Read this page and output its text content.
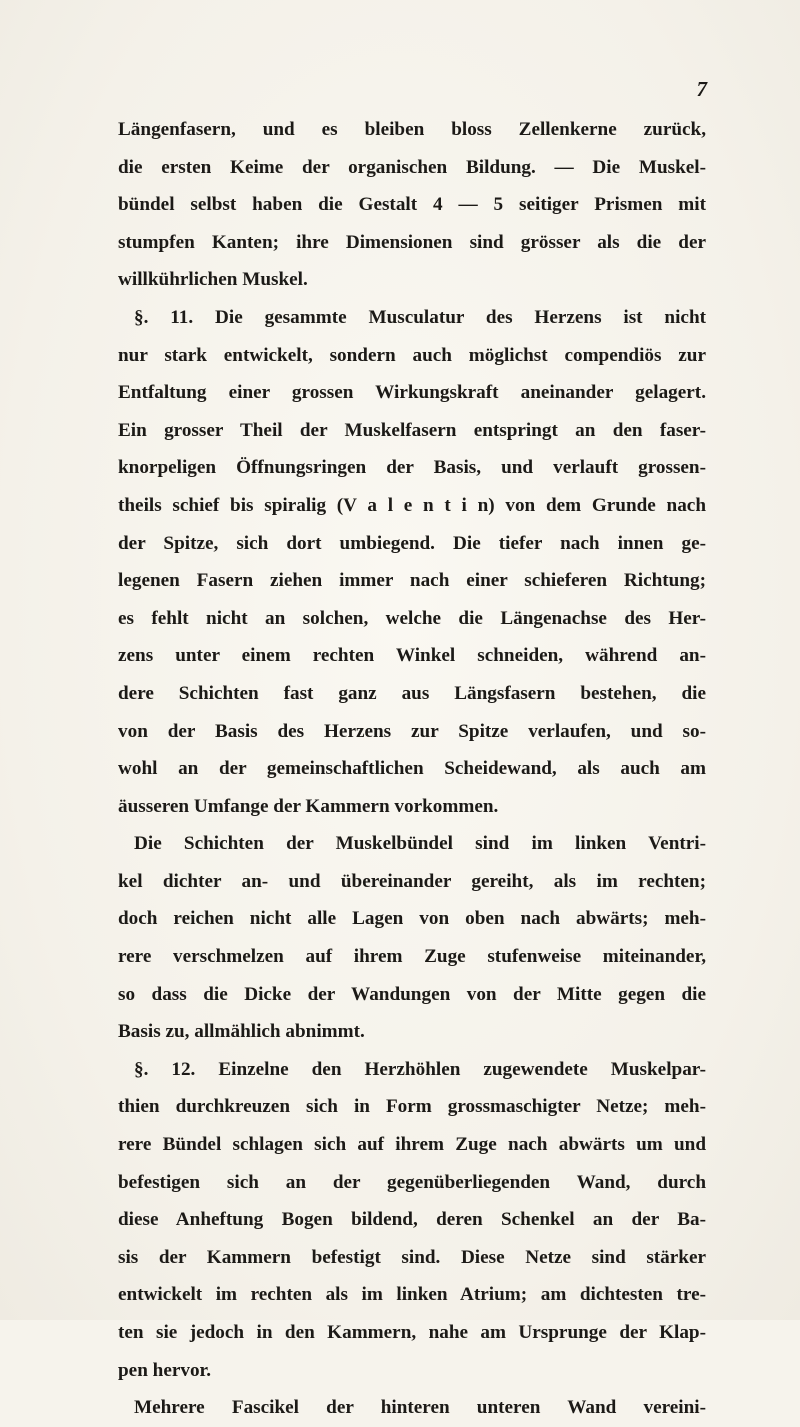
7
Längenfasern, und es bleiben bloss Zellenkerne zurück,
die ersten Keime der organischen Bildung. — Die Muskel-
bündel selbst haben die Gestalt 4 — 5 seitiger Prismen mit
stumpfen Kanten; ihre Dimensionen sind grösser als die der
willkührlichen Muskel.
§. 11. Die gesammte Musculatur des Herzens ist nicht
nur stark entwickelt, sondern auch möglichst compendiös zur
Entfaltung einer grossen Wirkungskraft aneinander gelagert.
Ein grosser Theil der Muskelfasern entspringt an den faser-
knorpeligen Öffnungsringen der Basis, und verlauft grossen-
theils schief bis spiralig (V a l e n t i n) von dem Grunde nach
der Spitze, sich dort umbiegend. Die tiefer nach innen ge-
legenen Fasern ziehen immer nach einer schieferen Richtung;
es fehlt nicht an solchen, welche die Längenachse des Her-
zens unter einem rechten Winkel schneiden, während an-
dere Schichten fast ganz aus Längsfasern bestehen, die
von der Basis des Herzens zur Spitze verlaufen, und so-
wohl an der gemeinschaftlichen Scheidewand, als auch am
äusseren Umfange der Kammern vorkommen.
Die Schichten der Muskelbündel sind im linken Ventri-
kel dichter an- und übereinander gereiht, als im rechten;
doch reichen nicht alle Lagen von oben nach abwärts; meh-
rere verschmelzen auf ihrem Zuge stufenweise miteinander,
so dass die Dicke der Wandungen von der Mitte gegen die
Basis zu, allmählich abnimmt.
§. 12. Einzelne den Herzhöhlen zugewendete Muskelpar-
thien durchkreuzen sich in Form grossmaschigter Netze; meh-
rere Bündel schlagen sich auf ihrem Zuge nach abwärts um und
befestigen sich an der gegenüberliegenden Wand, durch
diese Anheftung Bogen bildend, deren Schenkel an der Ba-
sis der Kammern befestigt sind. Diese Netze sind stärker
entwickelt im rechten als im linken Atrium; am dichtesten tre-
ten sie jedoch in den Kammern, nahe am Ursprunge der Klap-
pen hervor.
Mehrere Fascikel der hinteren unteren Wand vereini-
